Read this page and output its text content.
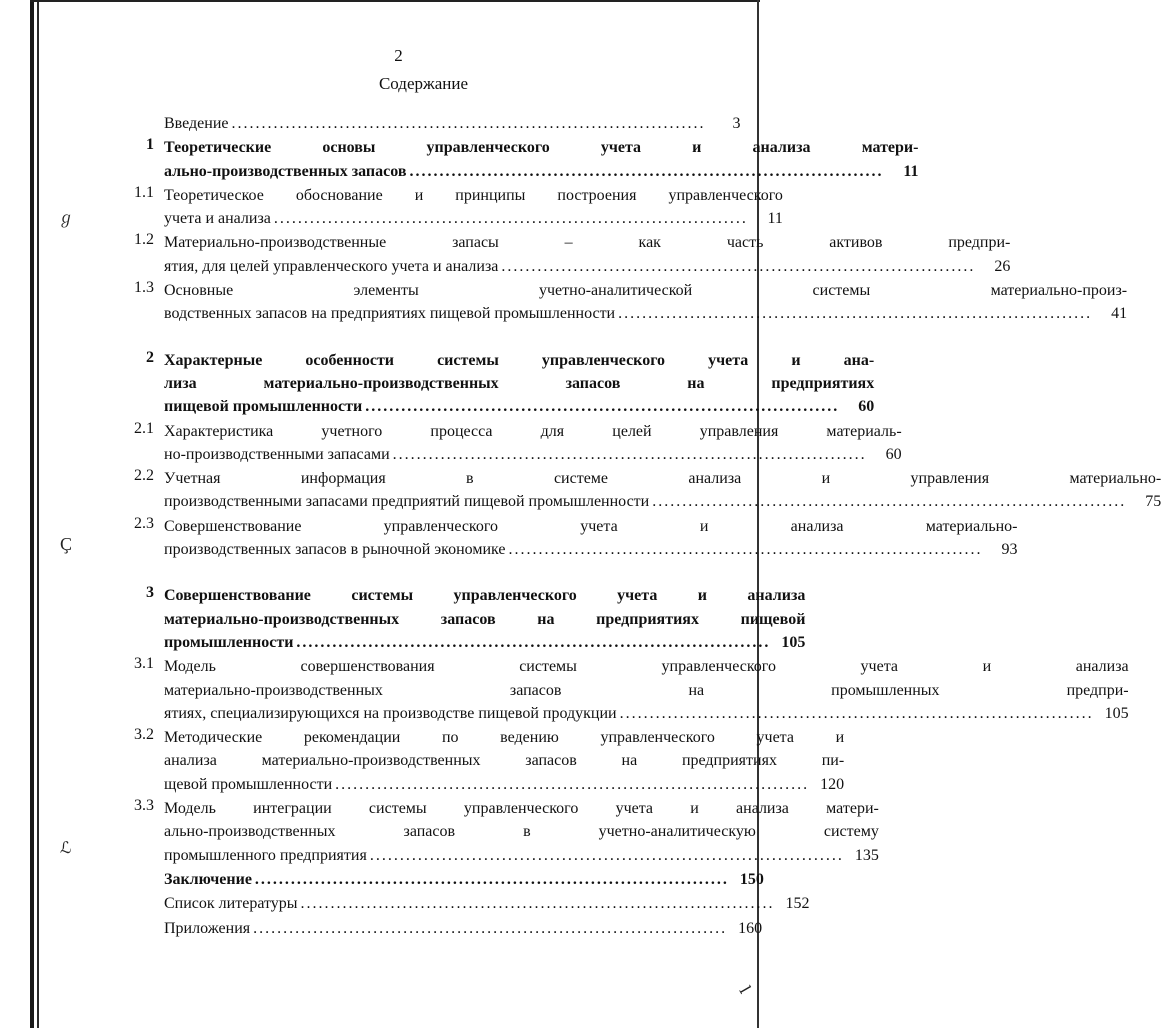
2
Содержание
ℊ
Ҫ
ℒ
ⅼ
Введение . . .	3
1 Теоретические основы управленческого учета и анализа матери-
ально-производственных запасов . . .	11
1.1 Теоретическое обоснование и принципы построения управленческого
учета и анализа . . .	11
1.2 Материально-производственные запасы – как часть активов предпри-
ятия, для целей управленческого учета и анализа . . .	26
1.3 Основные элементы учетно-аналитической системы материально-произ-
водственных запасов на предприятиях пищевой промышленности . . .	41
2 Характерные особенности системы управленческого учета и ана-
лиза материально-производственных запасов на предприятиях
пищевой промышленности . . .	60
2.1 Характеристика учетного процесса для целей управления материаль-
но-производственными запасами . . .	60
2.2 Учетная информация в системе анализа и управления материально-
производственными запасами предприятий пищевой промышленности . . .	75
2.3 Совершенствование управленческого учета и анализа материально-
производственных запасов в рыночной экономике . . .	93
3 Совершенствование системы управленческого учета и анализа
материально-производственных запасов на предприятиях пищевой
промышленности . . .	105
3.1 Модель совершенствования системы управленческого учета и анализа
материально-производственных запасов на промышленных предпри-
ятиях, специализирующихся на производстве пищевой продукции . . .	105
3.2 Методические рекомендации по ведению управленческого учета и
анализа материально-производственных запасов на предприятиях пи-
щевой промышленности . . .	120
3.3 Модель интеграции системы управленческого учета и анализа матери-
ально-производственных запасов в учетно-аналитическую систему
промышленного предприятия . . .	135
Заключение . . .	150
Список литературы . . .	152
Приложения . . .	160
